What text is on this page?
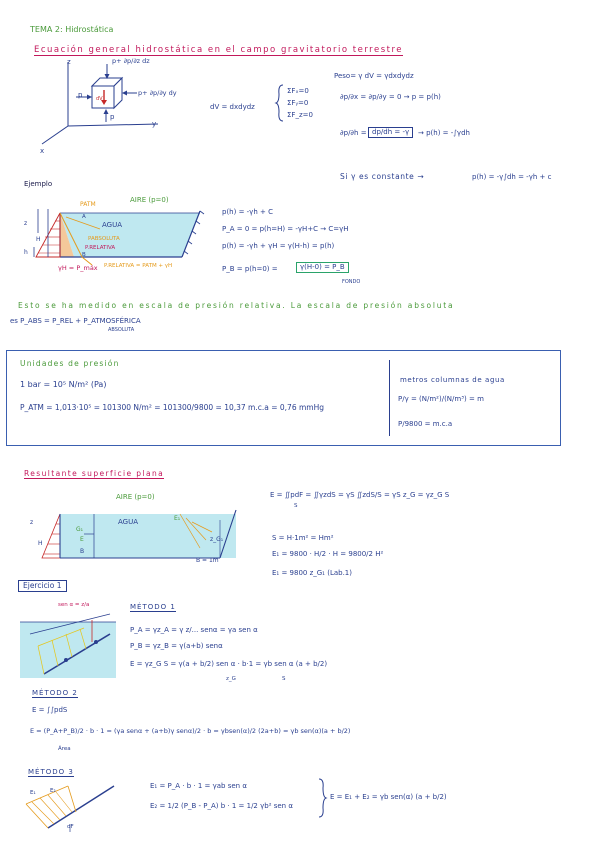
TEMA 2: Hidrostática
Ecuación general hidrostática en el campo gravitatorio terrestre
z
y
x
p+ ∂p/∂z dz
p	p+ ∂p/∂y dy
p
dV
Peso= γ dV = γdxdydz
dV = dxdydz
ΣFₓ=0
ΣFᵧ=0
ΣF_z=0
∂p/∂x = ∂p/∂y = 0 → p = p(h)
∂p/∂h = dp/dh = -γ	→ p(h) = -∫γdh
Si γ es constante →	p(h) = -γ∫dh = -γh + c
Ejemplo
PATM
AIRE (p=0)
AGUA
PABSOLUTA
P.RELATIVA
A
B
H
z
h
γH = P_máx P.RELATIVA = PATM + γH
p(h) = -γh + C
P_A = 0 = p(h=H) = -γH+C → C=γH
p(h) = -γh + γH = γ(H-h) = p(h)
P_B = p(h=0) =	γ(H-0) = P_B
FONDO
Esto se ha medido en escala de presión relativa. La escala de presión absoluta
es P_ABS = P_REL + P_ATMOSFÉRICA
ABSOLUTA
Unidades de presión
1 bar = 10⁵ N/m² (Pa)
P_ATM = 1,013·10⁵ = 101300 N/m² = 101300/9800 = 10,37 m.c.a = 0,76 mmHg
metros columnas de agua
P/γ = (N/m²)/(N/m³) = m
P/9800 = m.c.a
Resultante superficie plana
AIRE (p=0)
AGUA
G₁
E
B
E₁
z_G₁
B = 1m
z
H
E = ∬pdF = ∬γzdS = γS ∬zdS/S = γS z_G = γz_G S
S
S = H·1m² = Hm²
E₁ = 9800 · H/2 · H = 9800/2 H²
E₁ = 9800 z_G₁ (Lab.1)
Ejercicio 1
sen α = z/a	MÉTODO 1
P_A = γz_A = γ z/... senα = γa sen α
P_B = γz_B = γ(a+b) senα
E = γz_G S = γ(a + b/2) sen α · b·1 = γb sen α (a + b/2)
z_G	S
MÉTODO 2
E = ∫∫pdS
E = (P_A+P_B)/2 · b · 1 = (γa senα + (a+b)γ senα)/2 · b = γbsen(α)/2 (2a+b) = γb sen(α)(a + b/2)
Área
MÉTODO 3
E₁	E₂
dF
E₁ = P_A · b · 1 = γab sen α
E₂ = 1/2 (P_B - P_A) b · 1 = 1/2 γb² sen α
E = E₁ + E₂ = γb sen(α) (a + b/2)
